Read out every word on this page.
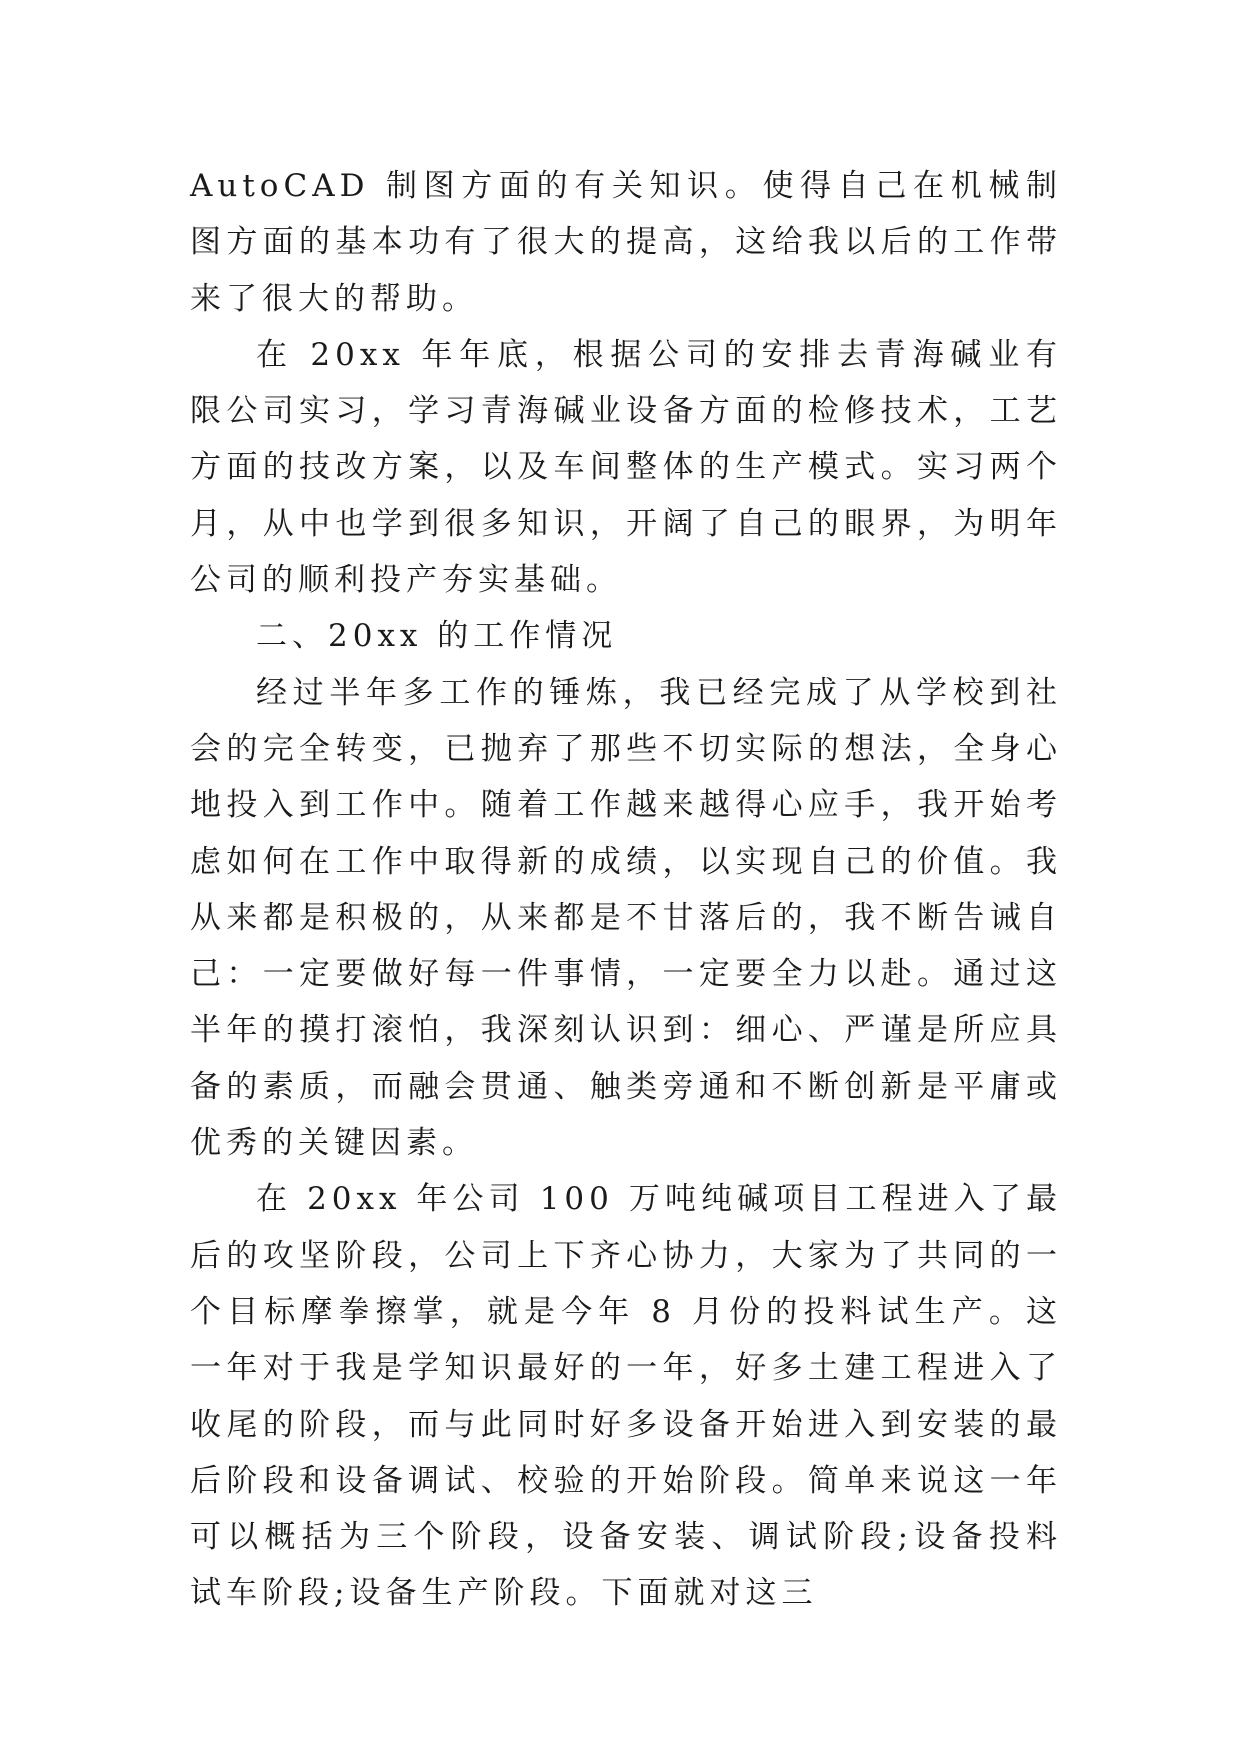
AutoCAD 制图方面的有关知识。使得自己在机械制图方面的基本功有了很大的提高，这给我以后的工作带来了很大的帮助。

在 20xx 年年底，根据公司的安排去青海碱业有限公司实习，学习青海碱业设备方面的检修技术，工艺方面的技改方案，以及车间整体的生产模式。实习两个月，从中也学到很多知识，开阔了自己的眼界，为明年公司的顺利投产夯实基础。

二、20xx 的工作情况

经过半年多工作的锤炼，我已经完成了从学校到社会的完全转变，已抛弃了那些不切实际的想法，全身心地投入到工作中。随着工作越来越得心应手，我开始考虑如何在工作中取得新的成绩，以实现自己的价值。我从来都是积极的，从来都是不甘落后的，我不断告诫自己：一定要做好每一件事情，一定要全力以赴。通过这半年的摸打滚怕，我深刻认识到：细心、严谨是所应具备的素质，而融会贯通、触类旁通和不断创新是平庸或优秀的关键因素。

在 20xx 年公司 100 万吨纯碱项目工程进入了最后的攻坚阶段，公司上下齐心协力，大家为了共同的一个目标摩拳擦掌，就是今年 8 月份的投料试生产。这一年对于我是学知识最好的一年，好多土建工程进入了收尾的阶段，而与此同时好多设备开始进入到安装的最后阶段和设备调试、校验的开始阶段。简单来说这一年可以概括为三个阶段，设备安装、调试阶段;设备投料试车阶段;设备生产阶段。下面就对这三
